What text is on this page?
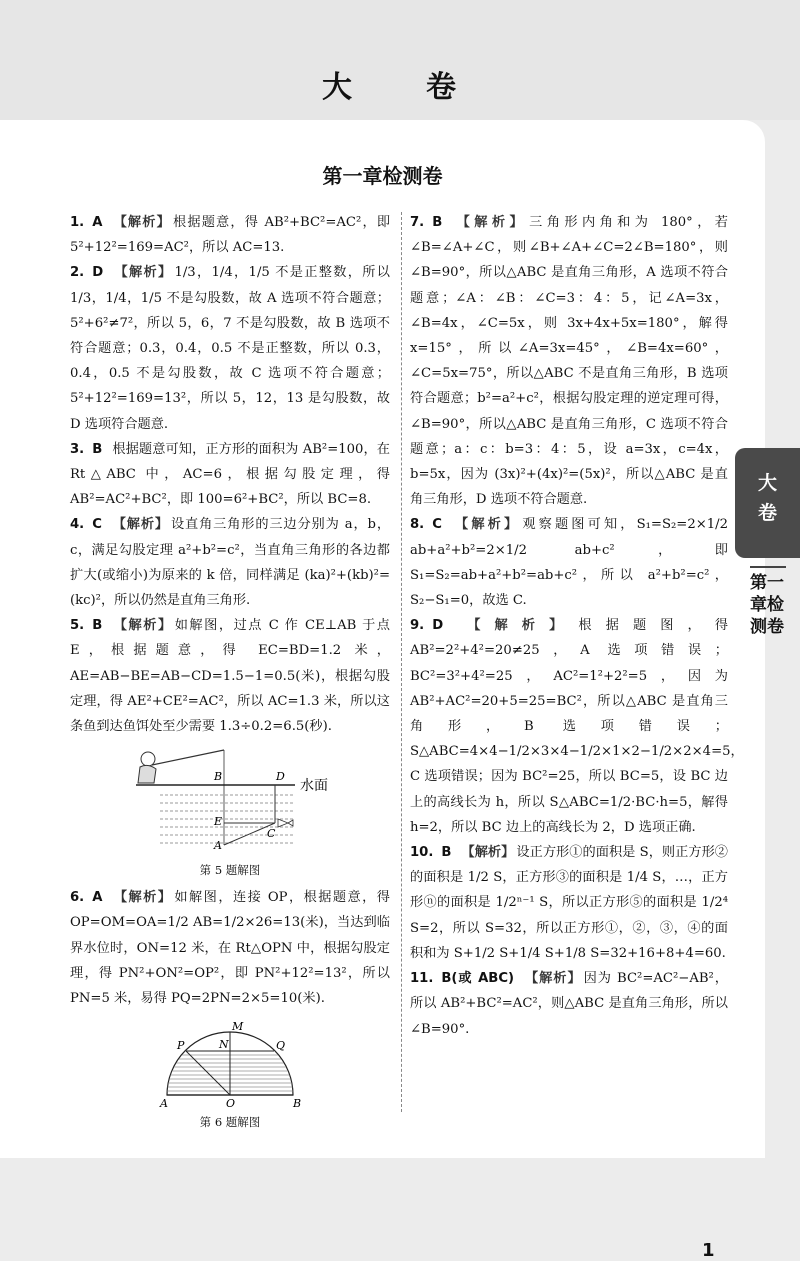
大　卷
第一章检测卷
1. A 【解析】 根据题意，得 AB²+BC²=AC²，即 5²+12²=169=AC²，所以 AC=13.
2. D 【解析】 1/3，1/4，1/5 不是正整数，所以 1/3，1/4，1/5 不是勾股数，故 A 选项不符合题意；5²+6²≠7²，所以 5，6，7 不是勾股数，故 B 选项不符合题意；0.3，0.4，0.5 不是正整数，所以 0.3，0.4，0.5 不是勾股数，故 C 选项不符合题意；5²+12²=169=13²，所以 5，12，13 是勾股数，故 D 选项符合题意.
3. B 根据题意可知，正方形的面积为 AB²=100，在 Rt△ABC 中，AC=6，根据勾股定理，得 AB²=AC²+BC²，即 100=6²+BC²，所以 BC=8.
4. C 【解析】 设直角三角形的三边分别为 a，b，c，满足勾股定理 a²+b²=c²，当直角三角形的各边都扩大(或缩小)为原来的 k 倍，同样满足 (ka)²+(kb)²=(kc)²，所以仍然是直角三角形.
5. B 【解析】 如解图，过点 C 作 CE⊥AB 于点 E，根据题意，得 EC=BD=1.2 米，AE=AB−BE=AB−CD=1.5−1=0.5(米)，根据勾股定理，得 AE²+CE²=AC²，所以 AC=1.3 米，所以这条鱼到达鱼饵处至少需要 1.3÷0.2=6.5(秒).
B	D
E
A
C
水面
第 5 题解图
6. A 【解析】 如解图，连接 OP，根据题意，得 OP=OM=OA=1/2 AB=1/2×26=13(米)，当达到临界水位时，ON=12 米，在 Rt△OPN 中，根据勾股定理，得 PN²+ON²=OP²，即 PN²+12²=13²，所以 PN=5 米，易得 PQ=2PN=2×5=10(米).
P	N
M
Q
A	O	B
第 6 题解图
7. B 【解析】 三角形内角和为 180°，若∠B=∠A+∠C，则∠B+∠A+∠C=2∠B=180°，则∠B=90°，所以△ABC 是直角三角形，A 选项不符合题意；∠A：∠B：∠C=3：4：5，记∠A=3x，∠B=4x，∠C=5x，则 3x+4x+5x=180°，解得 x=15°，所以∠A=3x=45°，∠B=4x=60°，∠C=5x=75°，所以△ABC 不是直角三角形，B 选项符合题意；b²=a²+c²，根据勾股定理的逆定理可得，∠B=90°，所以△ABC 是直角三角形，C 选项不符合题意；a：c：b=3：4：5，设 a=3x，c=4x，b=5x，因为 (3x)²+(4x)²=(5x)²，所以△ABC 是直角三角形，D 选项不符合题意.
8. C 【解析】 观察题图可知，S₁=S₂=2×1/2 ab+a²+b²=2×1/2 ab+c²，即 S₁=S₂=ab+a²+b²=ab+c²，所以 a²+b²=c²，S₂−S₁=0，故选 C.
9. D 【解析】 根据题图，得 AB²=2²+4²=20≠25，A 选项错误；BC²=3²+4²=25，AC²=1²+2²=5，因为 AB²+AC²=20+5=25=BC²，所以△ABC 是直角三角形，B 选项错误；S△ABC=4×4−1/2×3×4−1/2×1×2−1/2×2×4=5，C 选项错误；因为 BC²=25，所以 BC=5，设 BC 边上的高线长为 h，所以 S△ABC=1/2·BC·h=5，解得 h=2，所以 BC 边上的高线长为 2，D 选项正确.
10. B 【解析】 设正方形①的面积是 S，则正方形②的面积是 1/2 S，正方形③的面积是 1/4 S，…，正方形ⓝ的面积是 1/2ⁿ⁻¹ S，所以正方形⑤的面积是 1/2⁴ S=2，所以 S=32，所以正方形①，②，③，④的面积和为 S+1/2 S+1/4 S+1/8 S=32+16+8+4=60.
11. B(或 ABC) 【解析】 因为 BC²=AC²−AB²，所以 AB²+BC²=AC²，则△ABC 是直角三角形，所以∠B=90°.
1
大
卷
第一章检测卷
